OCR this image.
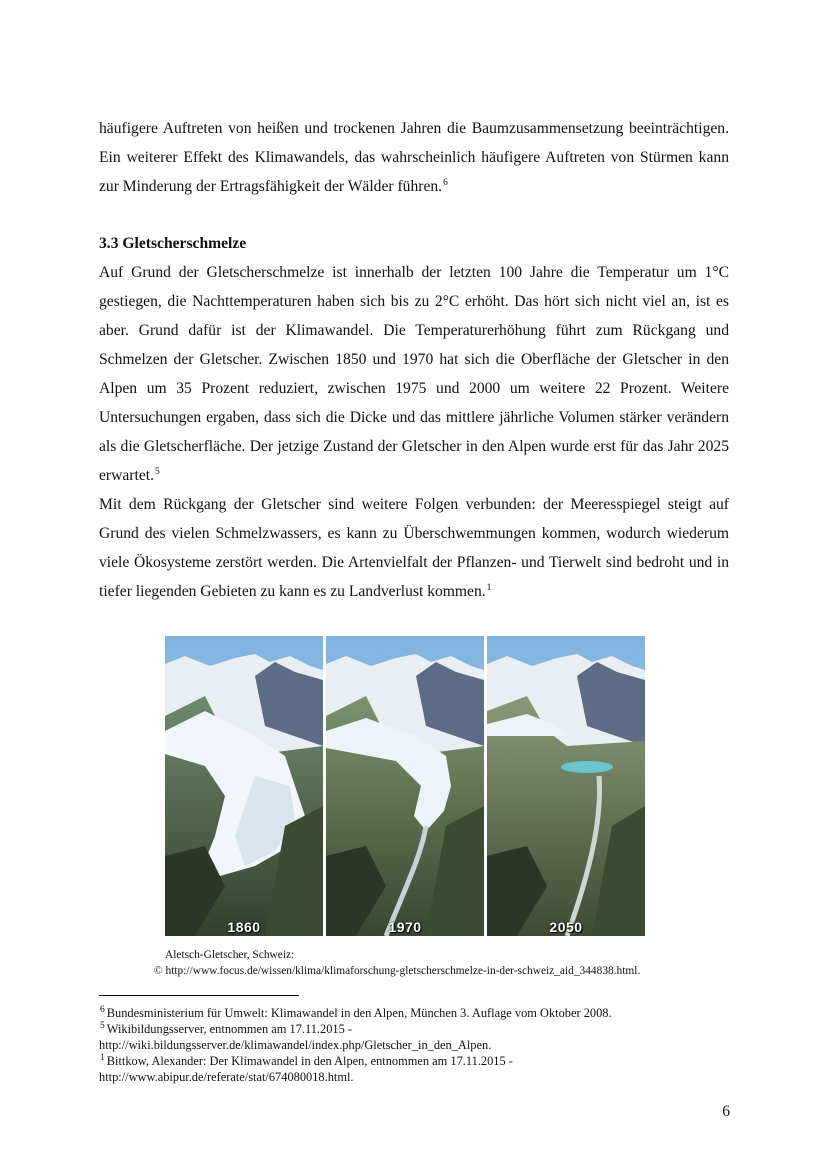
häufigere Auftreten von heißen und trockenen Jahren die Baumzusammensetzung beeinträchtigen. Ein weiterer Effekt des Klimawandels, das wahrscheinlich häufigere Auftreten von Stürmen kann zur Minderung der Ertragsfähigkeit der Wälder führen.$^6$

3.3 Gletscherschmelze

Auf Grund der Gletscherschmelze ist innerhalb der letzten 100 Jahre die Temperatur um 1°C gestiegen, die Nachttemperaturen haben sich bis zu 2°C erhöht. Das hört sich nicht viel an, ist es aber. Grund dafür ist der Klimawandel. Die Temperaturerhöhung führt zum Rückgang und Schmelzen der Gletscher. Zwischen 1850 und 1970 hat sich die Oberfläche der Gletscher in den Alpen um 35 Prozent reduziert, zwischen 1975 und 2000 um weitere 22 Prozent. Weitere Untersuchungen ergaben, dass sich die Dicke und das mittlere jährliche Volumen stärker verändern als die Gletscherfläche. Der jetzige Zustand der Gletscher in den Alpen wurde erst für das Jahr 2025 erwartet.$^5$

Mit dem Rückgang der Gletscher sind weitere Folgen verbunden: der Meeresspiegel steigt auf Grund des vielen Schmelzwassers, es kann zu Überschwemmungen kommen, wodurch wiederum viele Ökosysteme zerstört werden. Die Artenvielfalt der Pflanzen- und Tierwelt sind bedroht und in tiefer liegenden Gebieten zu kann es zu Landverlust kommen.$^1$

1860	1970	2050
Aletsch-Gletscher, Schweiz:
© http://www.focus.de/wissen/klima/klimaforschung-gletscherschmelze-in-der-schweiz_aid_344838.html.
$^6$ Bundesministerium für Umwelt: Klimawandel in den Alpen, München 3. Auflage vom Oktober 2008.
$^5$ Wikibildungsserver, entnommen am 17.11.2015 -
http://wiki.bildungsserver.de/klimawandel/index.php/Gletscher_in_den_Alpen.
$^1$ Bittkow, Alexander: Der Klimawandel in den Alpen, entnommen am 17.11.2015 -
http://www.abipur.de/referate/stat/674080018.html.
6
